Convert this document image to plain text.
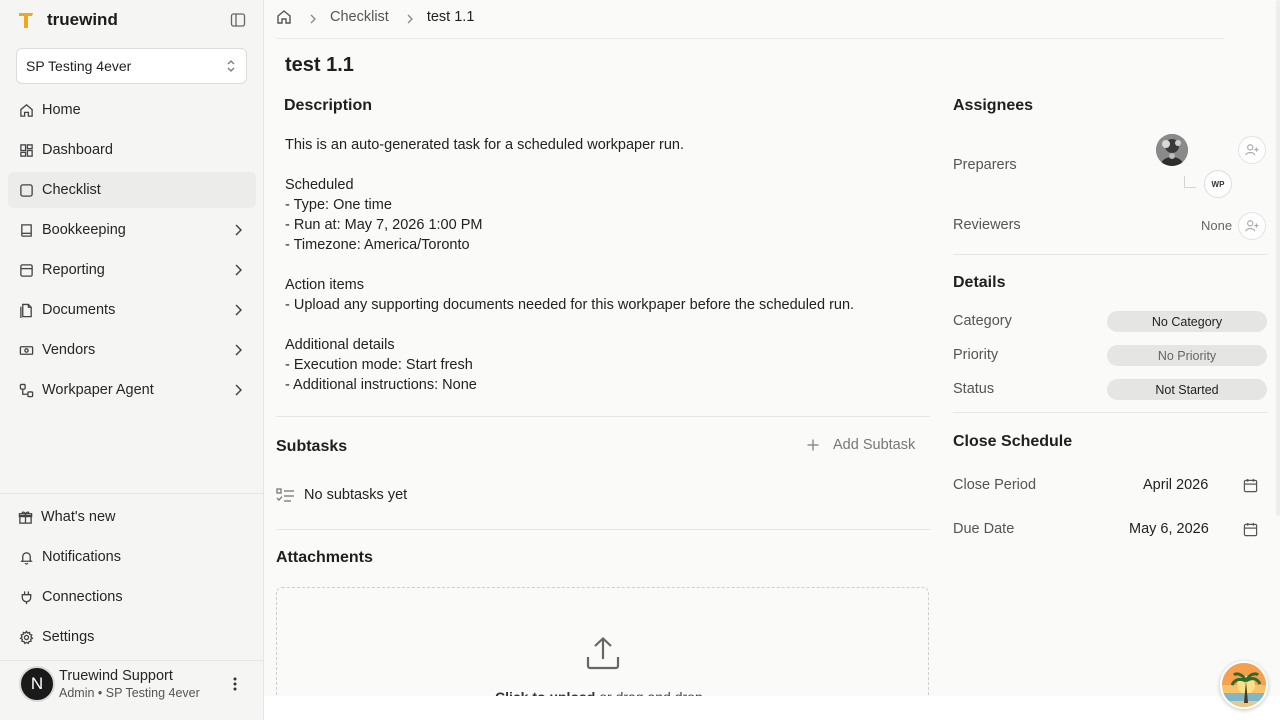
truewind
SP Testing 4ever
Home
Dashboard
Checklist
Bookkeeping
Reporting
Documents
Vendors
Workpaper Agent
What's new
Notifications
Connections
Settings
N	Truewind Support
Admin • SP Testing 4ever
Checklist	test 1.1
test 1.1
Description
This is an auto-generated task for a scheduled workpaper run.

Scheduled
- Type: One time
- Run at: May 7, 2026 1:00 PM
- Timezone: America/Toronto

Action items
- Upload any supporting documents needed for this workpaper before the scheduled run.

Additional details
- Execution mode: Start fresh
- Additional instructions: None
Subtasks	Add Subtask
No subtasks yet
Attachments
Assignees
Preparers
WP
Reviewers	None
Details
Category	No Category
Priority	No Priority
Status	Not Started
Close Schedule
Close Period	April 2026
Due Date	May 6, 2026
